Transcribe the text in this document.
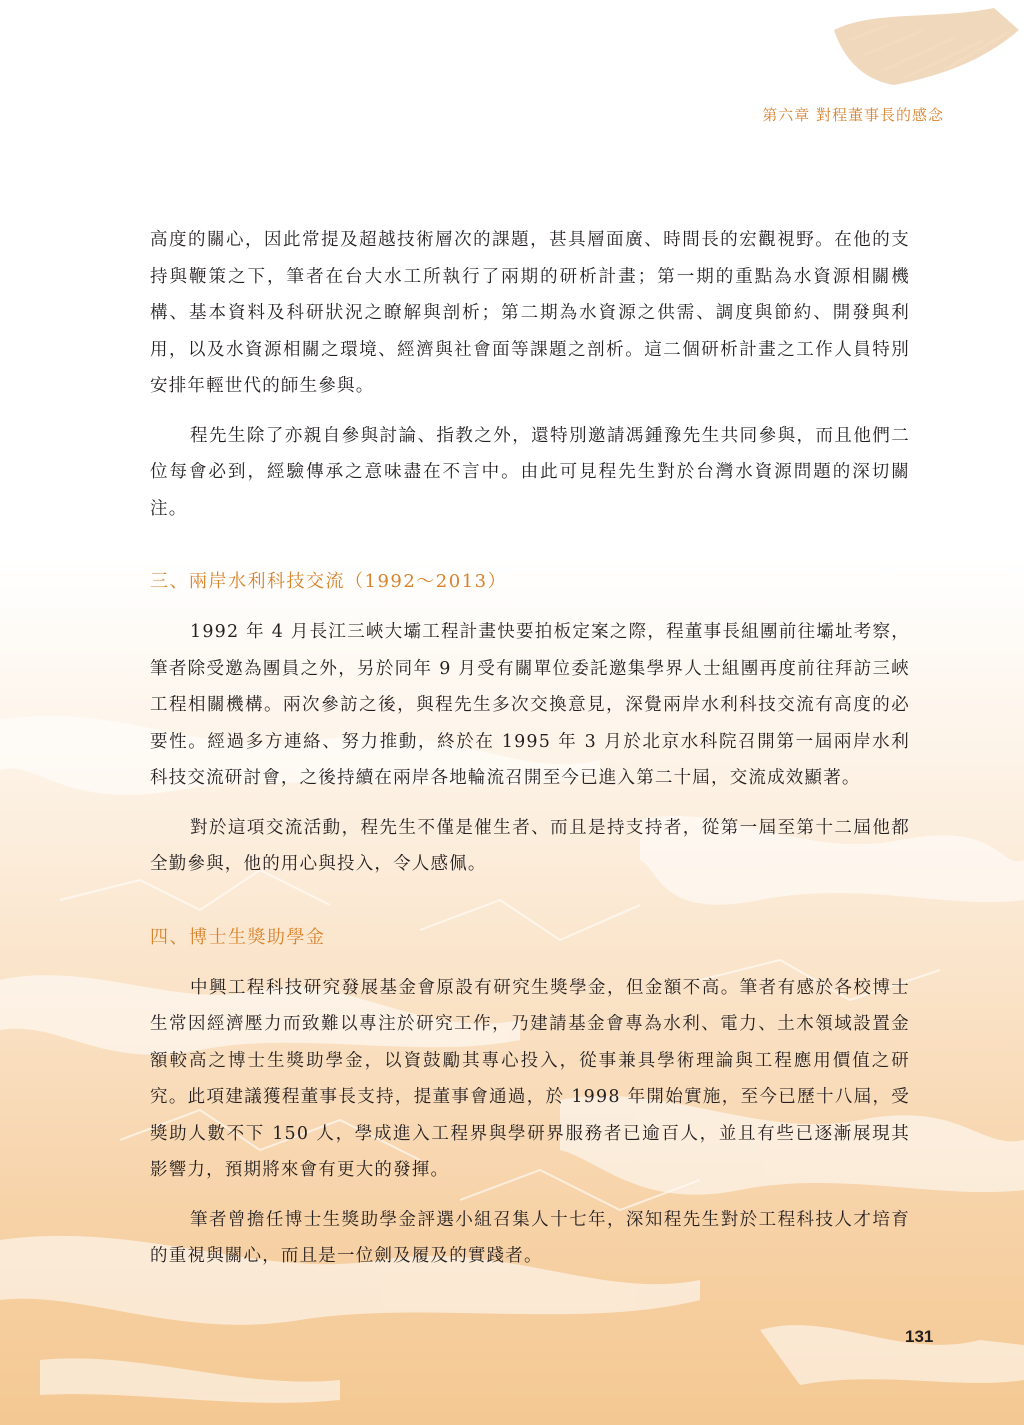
第六章 對程董事長的感念

高度的關心，因此常提及超越技術層次的課題，甚具層面廣、時間長的宏觀視野。在他的支持與鞭策之下，筆者在台大水工所執行了兩期的研析計畫；第一期的重點為水資源相關機構、基本資料及科研狀況之瞭解與剖析；第二期為水資源之供需、調度與節約、開發與利用，以及水資源相關之環境、經濟與社會面等課題之剖析。這二個研析計畫之工作人員特別安排年輕世代的師生參與。

程先生除了亦親自參與討論、指教之外，還特別邀請馮鍾豫先生共同參與，而且他們二位每會必到，經驗傳承之意味盡在不言中。由此可見程先生對於台灣水資源問題的深切關注。

三、兩岸水利科技交流（1992～2013）

1992 年 4 月長江三峽大壩工程計畫快要拍板定案之際，程董事長組團前往壩址考察，筆者除受邀為團員之外，另於同年 9 月受有關單位委託邀集學界人士組團再度前往拜訪三峽工程相關機構。兩次參訪之後，與程先生多次交換意見，深覺兩岸水利科技交流有高度的必要性。經過多方連絡、努力推動，終於在 1995 年 3 月於北京水科院召開第一屆兩岸水利科技交流研討會，之後持續在兩岸各地輪流召開至今已進入第二十屆，交流成效顯著。

對於這項交流活動，程先生不僅是催生者、而且是持支持者，從第一屆至第十二屆他都全勤參與，他的用心與投入，令人感佩。

四、博士生獎助學金

中興工程科技研究發展基金會原設有研究生獎學金，但金額不高。筆者有感於各校博士生常因經濟壓力而致難以專注於研究工作，乃建請基金會專為水利、電力、土木領域設置金額較高之博士生獎助學金，以資鼓勵其專心投入，從事兼具學術理論與工程應用價值之研究。此項建議獲程董事長支持，提董事會通過，於 1998 年開始實施，至今已歷十八屆，受獎助人數不下 150 人，學成進入工程界與學研界服務者已逾百人，並且有些已逐漸展現其影響力，預期將來會有更大的發揮。

筆者曾擔任博士生獎助學金評選小組召集人十七年，深知程先生對於工程科技人才培育的重視與關心，而且是一位劍及履及的實踐者。

131
